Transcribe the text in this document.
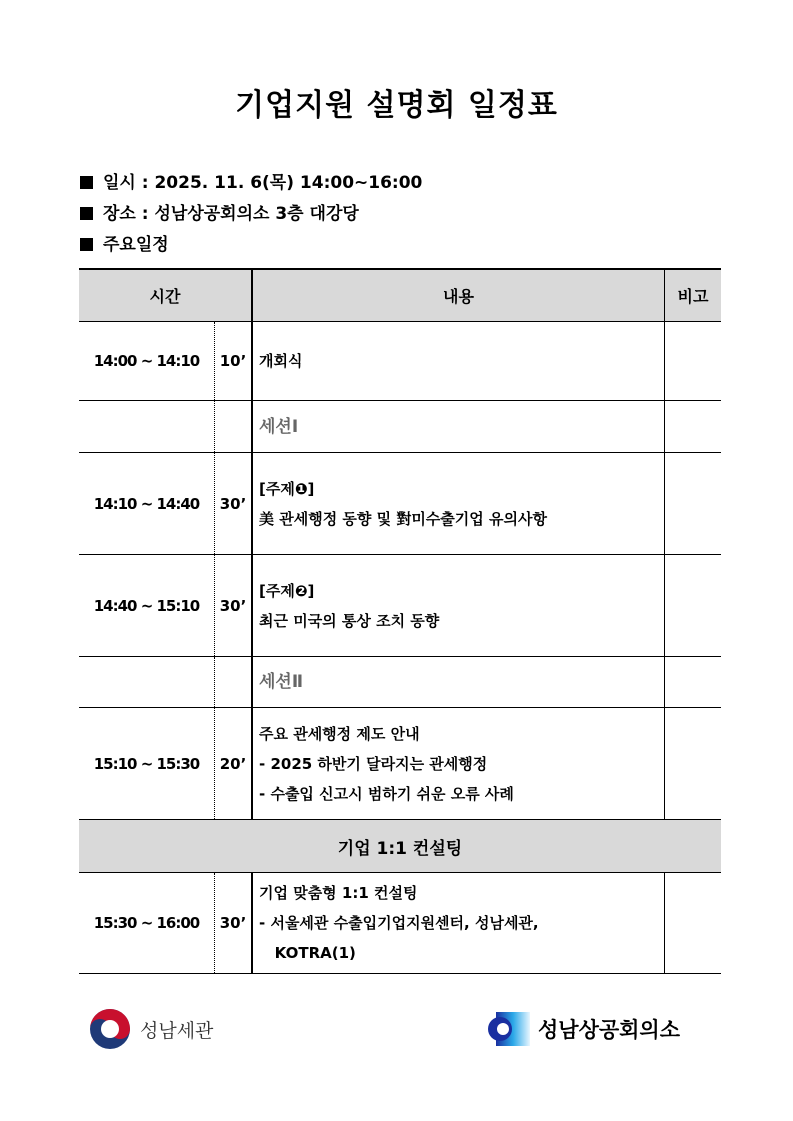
기업지원 설명회 일정표
일시 : 2025. 11. 6(목) 14:00~16:00
장소 : 성남상공회의소 3층 대강당
주요일정
시간		내용	비고
14:00 ~ 14:10	10’	개회식	

		세션Ⅰ	
14:10 ~ 14:40	30’	[주제❶]
美 관세행정 동향 및 對미수출기업 유의사항	

14:40 ~ 15:10	30’	[주제❷]
최근 미국의 통상 조치 동향	

		세션Ⅱ	
15:10 ~ 15:30	20’	주요 관세행정 제도 안내
- 2025 하반기 달라지는 관세행정
- 수출입 신고시 범하기 쉬운 오류 사례	

기업 1:1 컨설팅			
15:30 ~ 16:00	30’	기업 맞춤형 1:1 컨설팅
- 서울세관 수출입기업지원센터, 성남세관,
KOTRA(1)	

성남세관	성남상공회의소
